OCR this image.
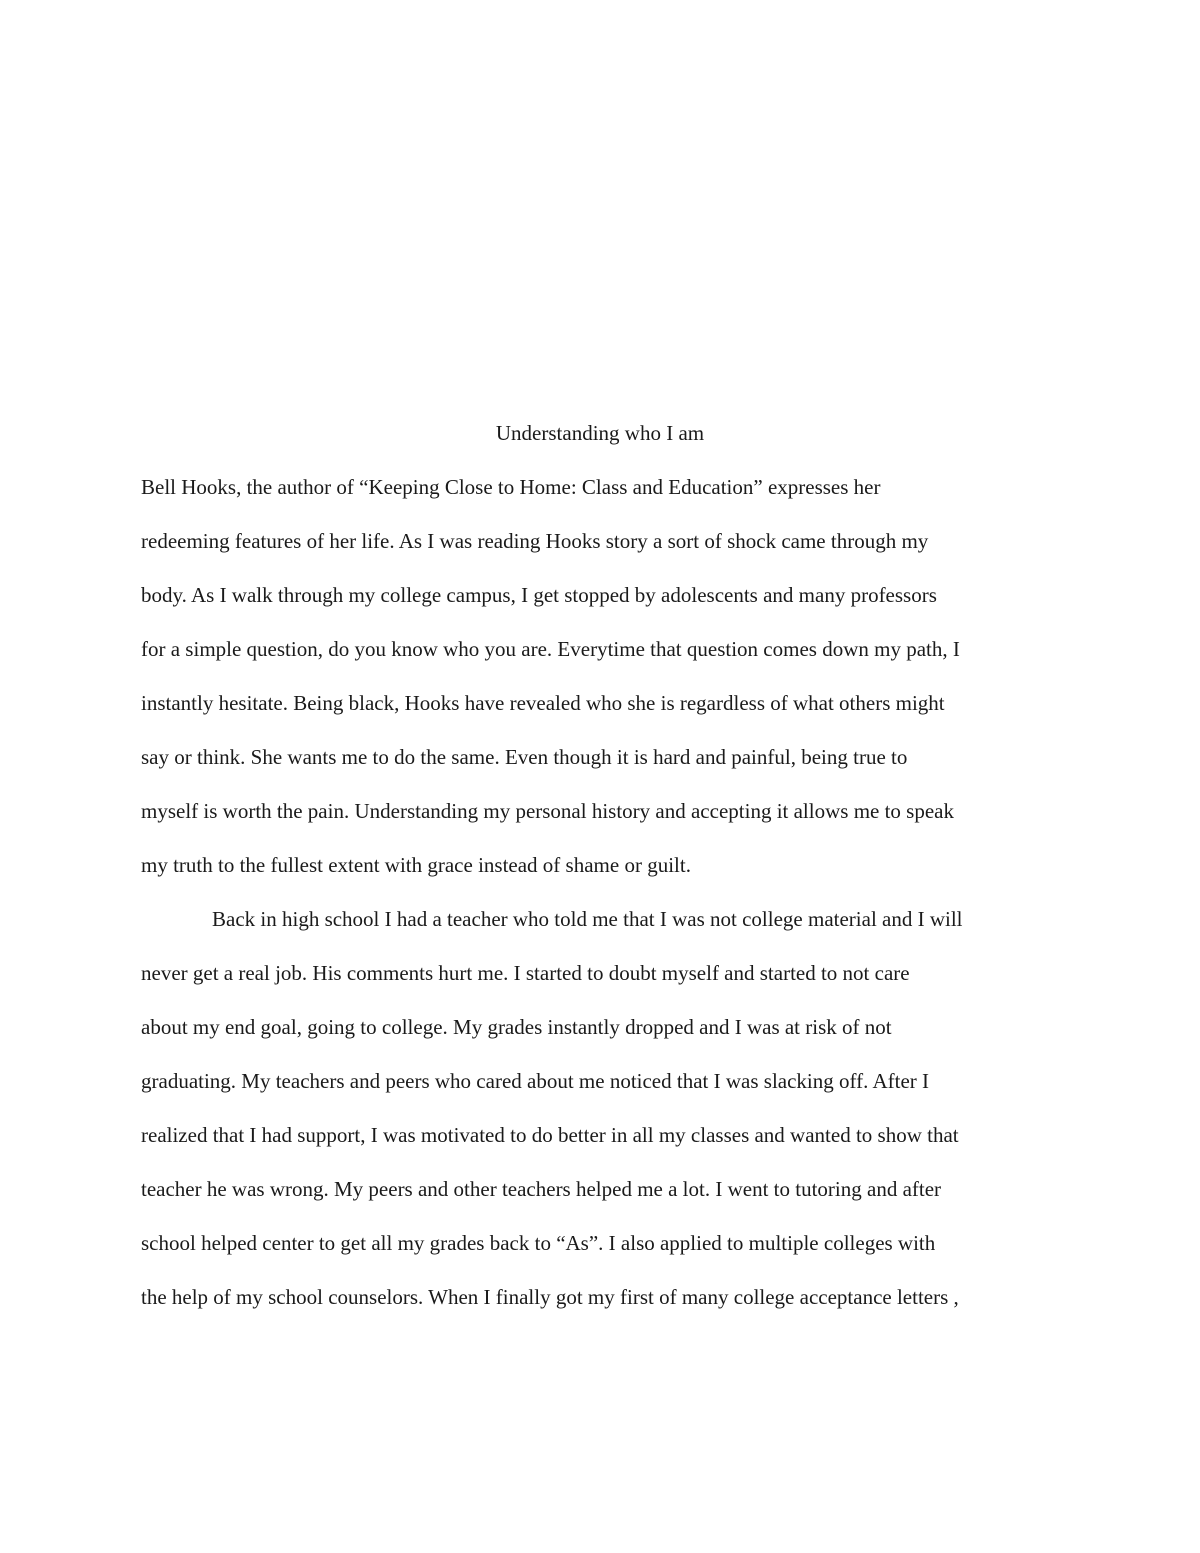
Understanding who I am
Bell Hooks, the author of “Keeping Close to Home: Class and Education” expresses her
redeeming features of her life. As I was reading Hooks story a sort of shock came through my
body. As I walk through my college campus, I get stopped by adolescents and many professors
for a simple question, do you know who you are. Everytime that question comes down my path, I
instantly hesitate. Being black, Hooks have revealed who she is regardless of what others might
say or think. She wants me to do the same. Even though it is hard and painful, being true to
myself is worth the pain. Understanding my personal history and accepting it allows me to speak
my truth to the fullest extent with grace instead of shame or guilt.
Back in high school I had a teacher who told me that I was not college material and I will
never get a real job. His comments hurt me. I started to doubt myself and started to not care
about my end goal, going to college. My grades instantly dropped and I was at risk of not
graduating. My teachers and peers who cared about me noticed that I was slacking off. After I
realized that I had support, I was motivated to do better in all my classes and wanted to show that
teacher he was wrong. My peers and other teachers helped me a lot. I went to tutoring and after
school helped center to get all my grades back to “As”. I also applied to multiple colleges with
the help of my school counselors. When I finally got my first of many college acceptance letters ,
